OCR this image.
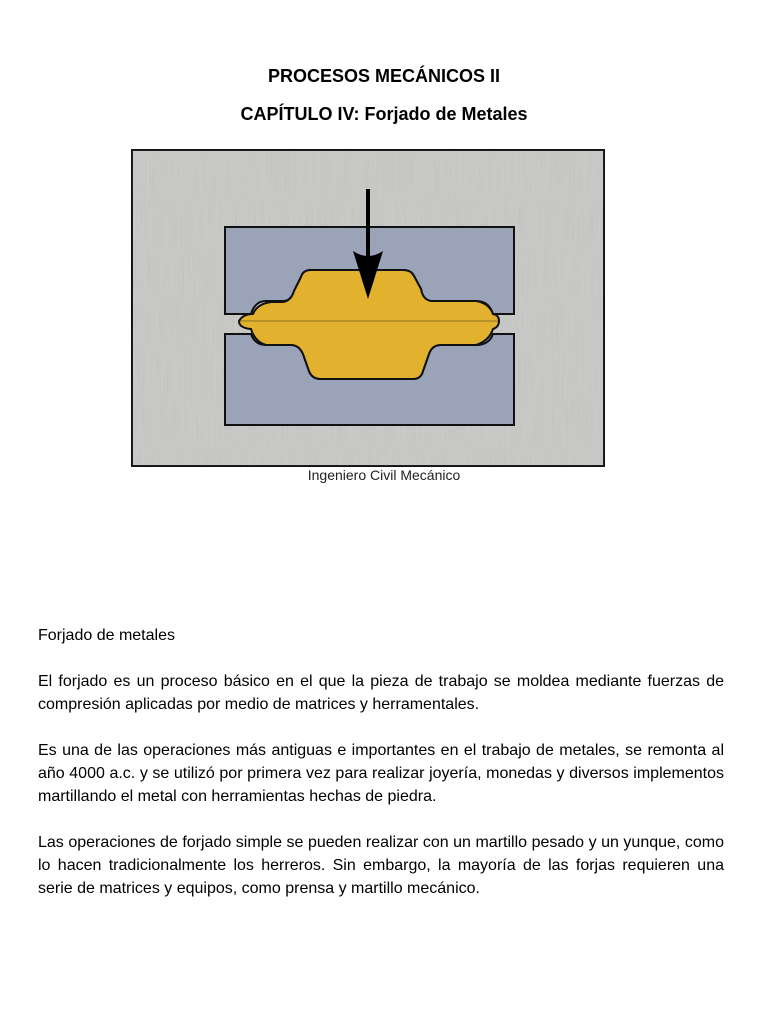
PROCESOS MECÁNICOS II
CAPÍTULO IV: Forjado de Metales
Ingeniero Civil Mecánico

Forjado de metales

El forjado es un proceso básico en el que la pieza de trabajo se moldea mediante fuerzas de compresión aplicadas por medio de matrices y herramentales.

Es una de las operaciones más antiguas e importantes en el trabajo de metales, se remonta al año 4000 a.c. y se utilizó por primera vez para realizar joyería, monedas y diversos implementos martillando el metal con herramientas hechas de piedra.

Las operaciones de forjado simple se pueden realizar con un martillo pesado y un yunque, como lo hacen tradicionalmente los herreros. Sin embargo, la mayoría de las forjas requieren una serie de matrices y equipos, como prensa y martillo mecánico.
